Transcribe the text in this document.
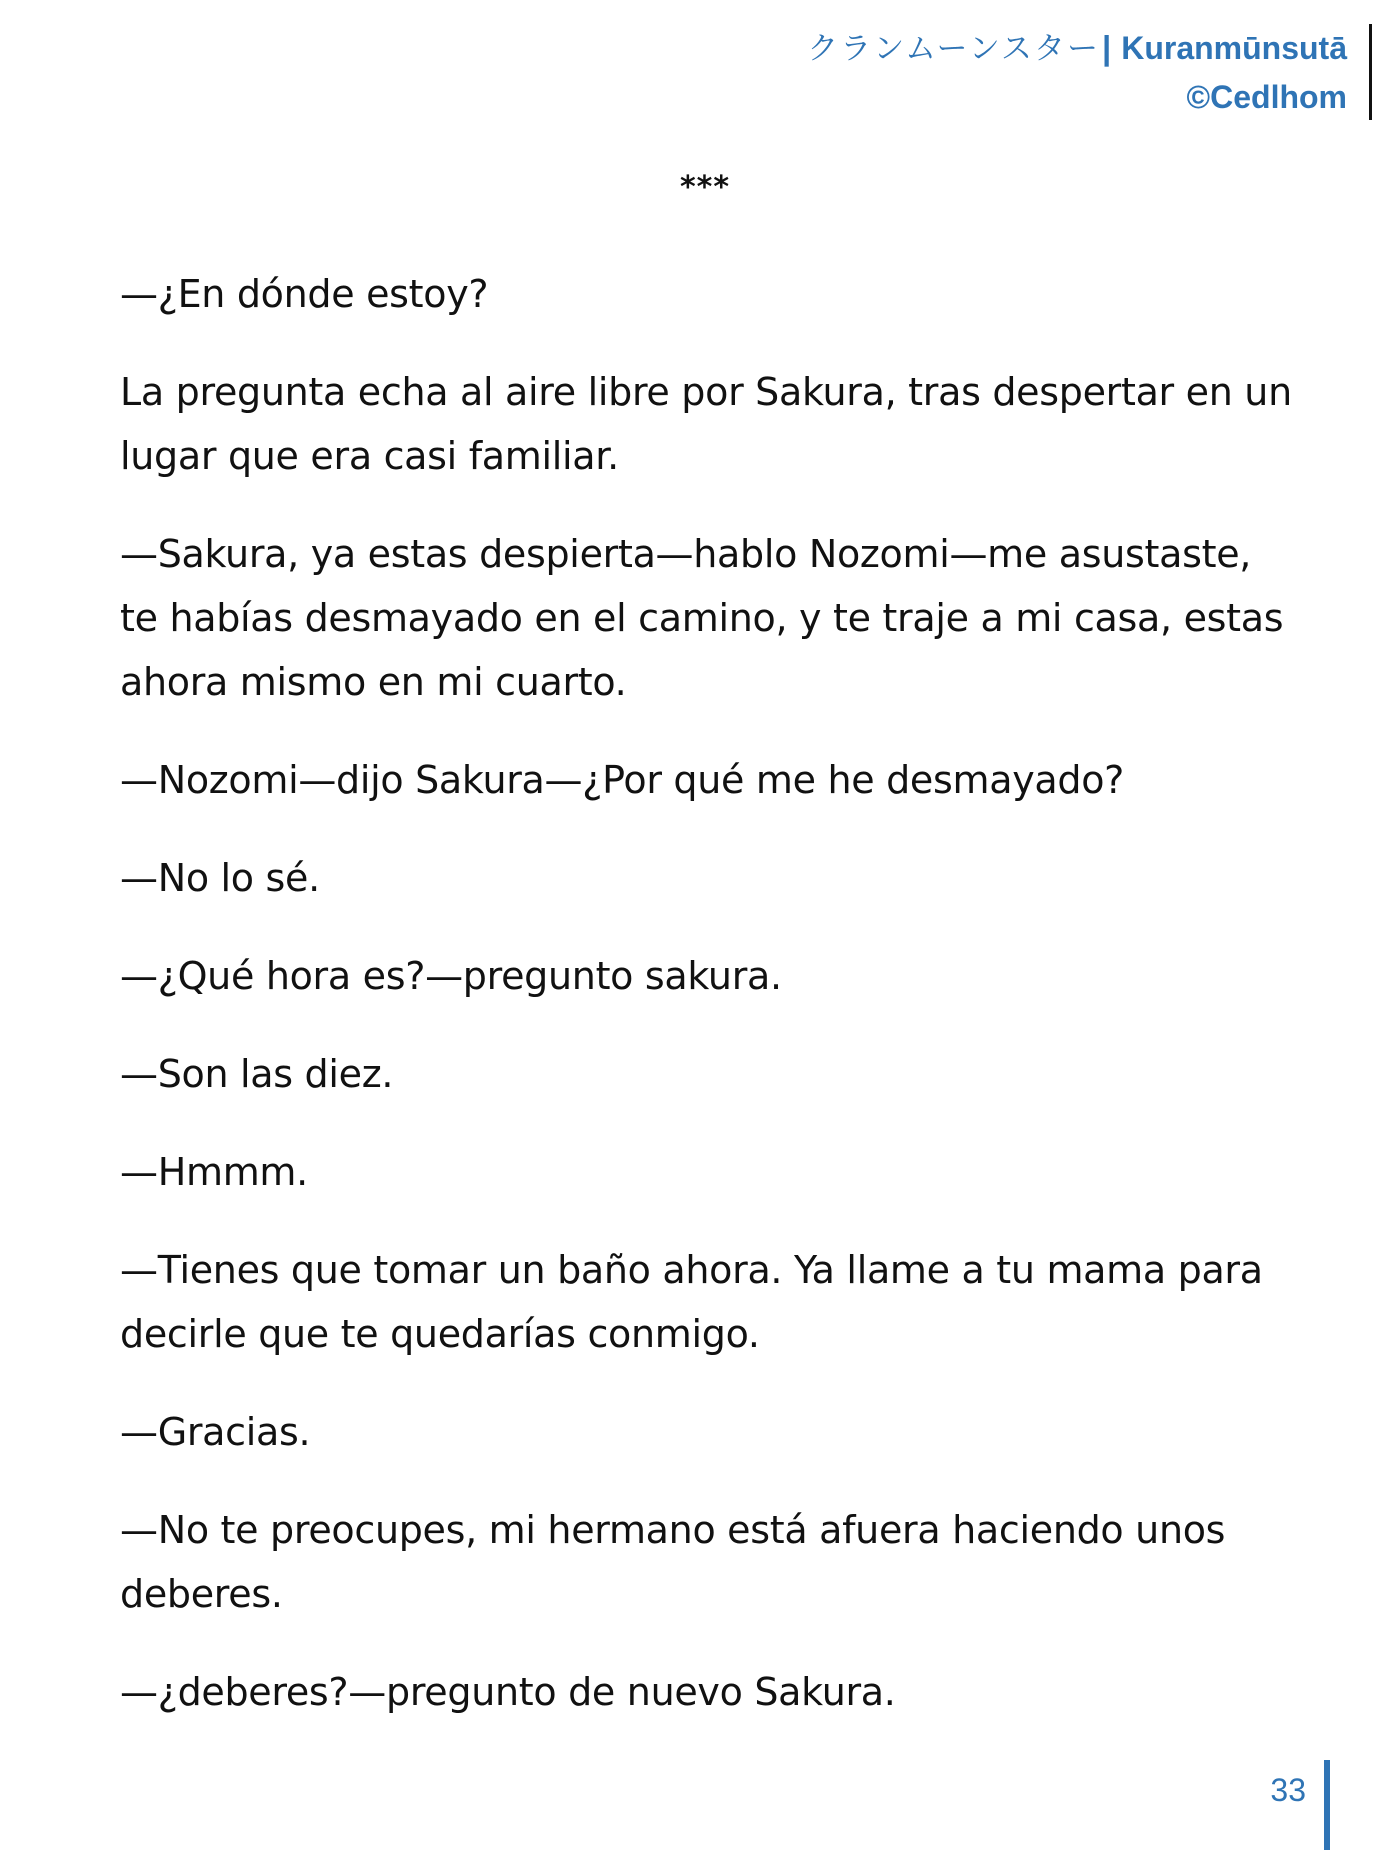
クランムーンスター| Kuranmūnsutā
©Cedlhom
***

—¿En dónde estoy?

La pregunta echa al aire libre por Sakura, tras despertar en un lugar que era casi familiar.

—Sakura, ya estas despierta—hablo Nozomi—me asustaste, te habías desmayado en el camino, y te traje a mi casa, estas ahora mismo en mi cuarto.

—Nozomi—dijo Sakura—¿Por qué me he desmayado?

—No lo sé.

—¿Qué hora es?—pregunto sakura.

—Son las diez.

—Hmmm.

—Tienes que tomar un baño ahora. Ya llame a tu mama para decirle que te quedarías conmigo.

—Gracias.

—No te preocupes, mi hermano está afuera haciendo unos deberes.

—¿deberes?—pregunto de nuevo Sakura.

33
